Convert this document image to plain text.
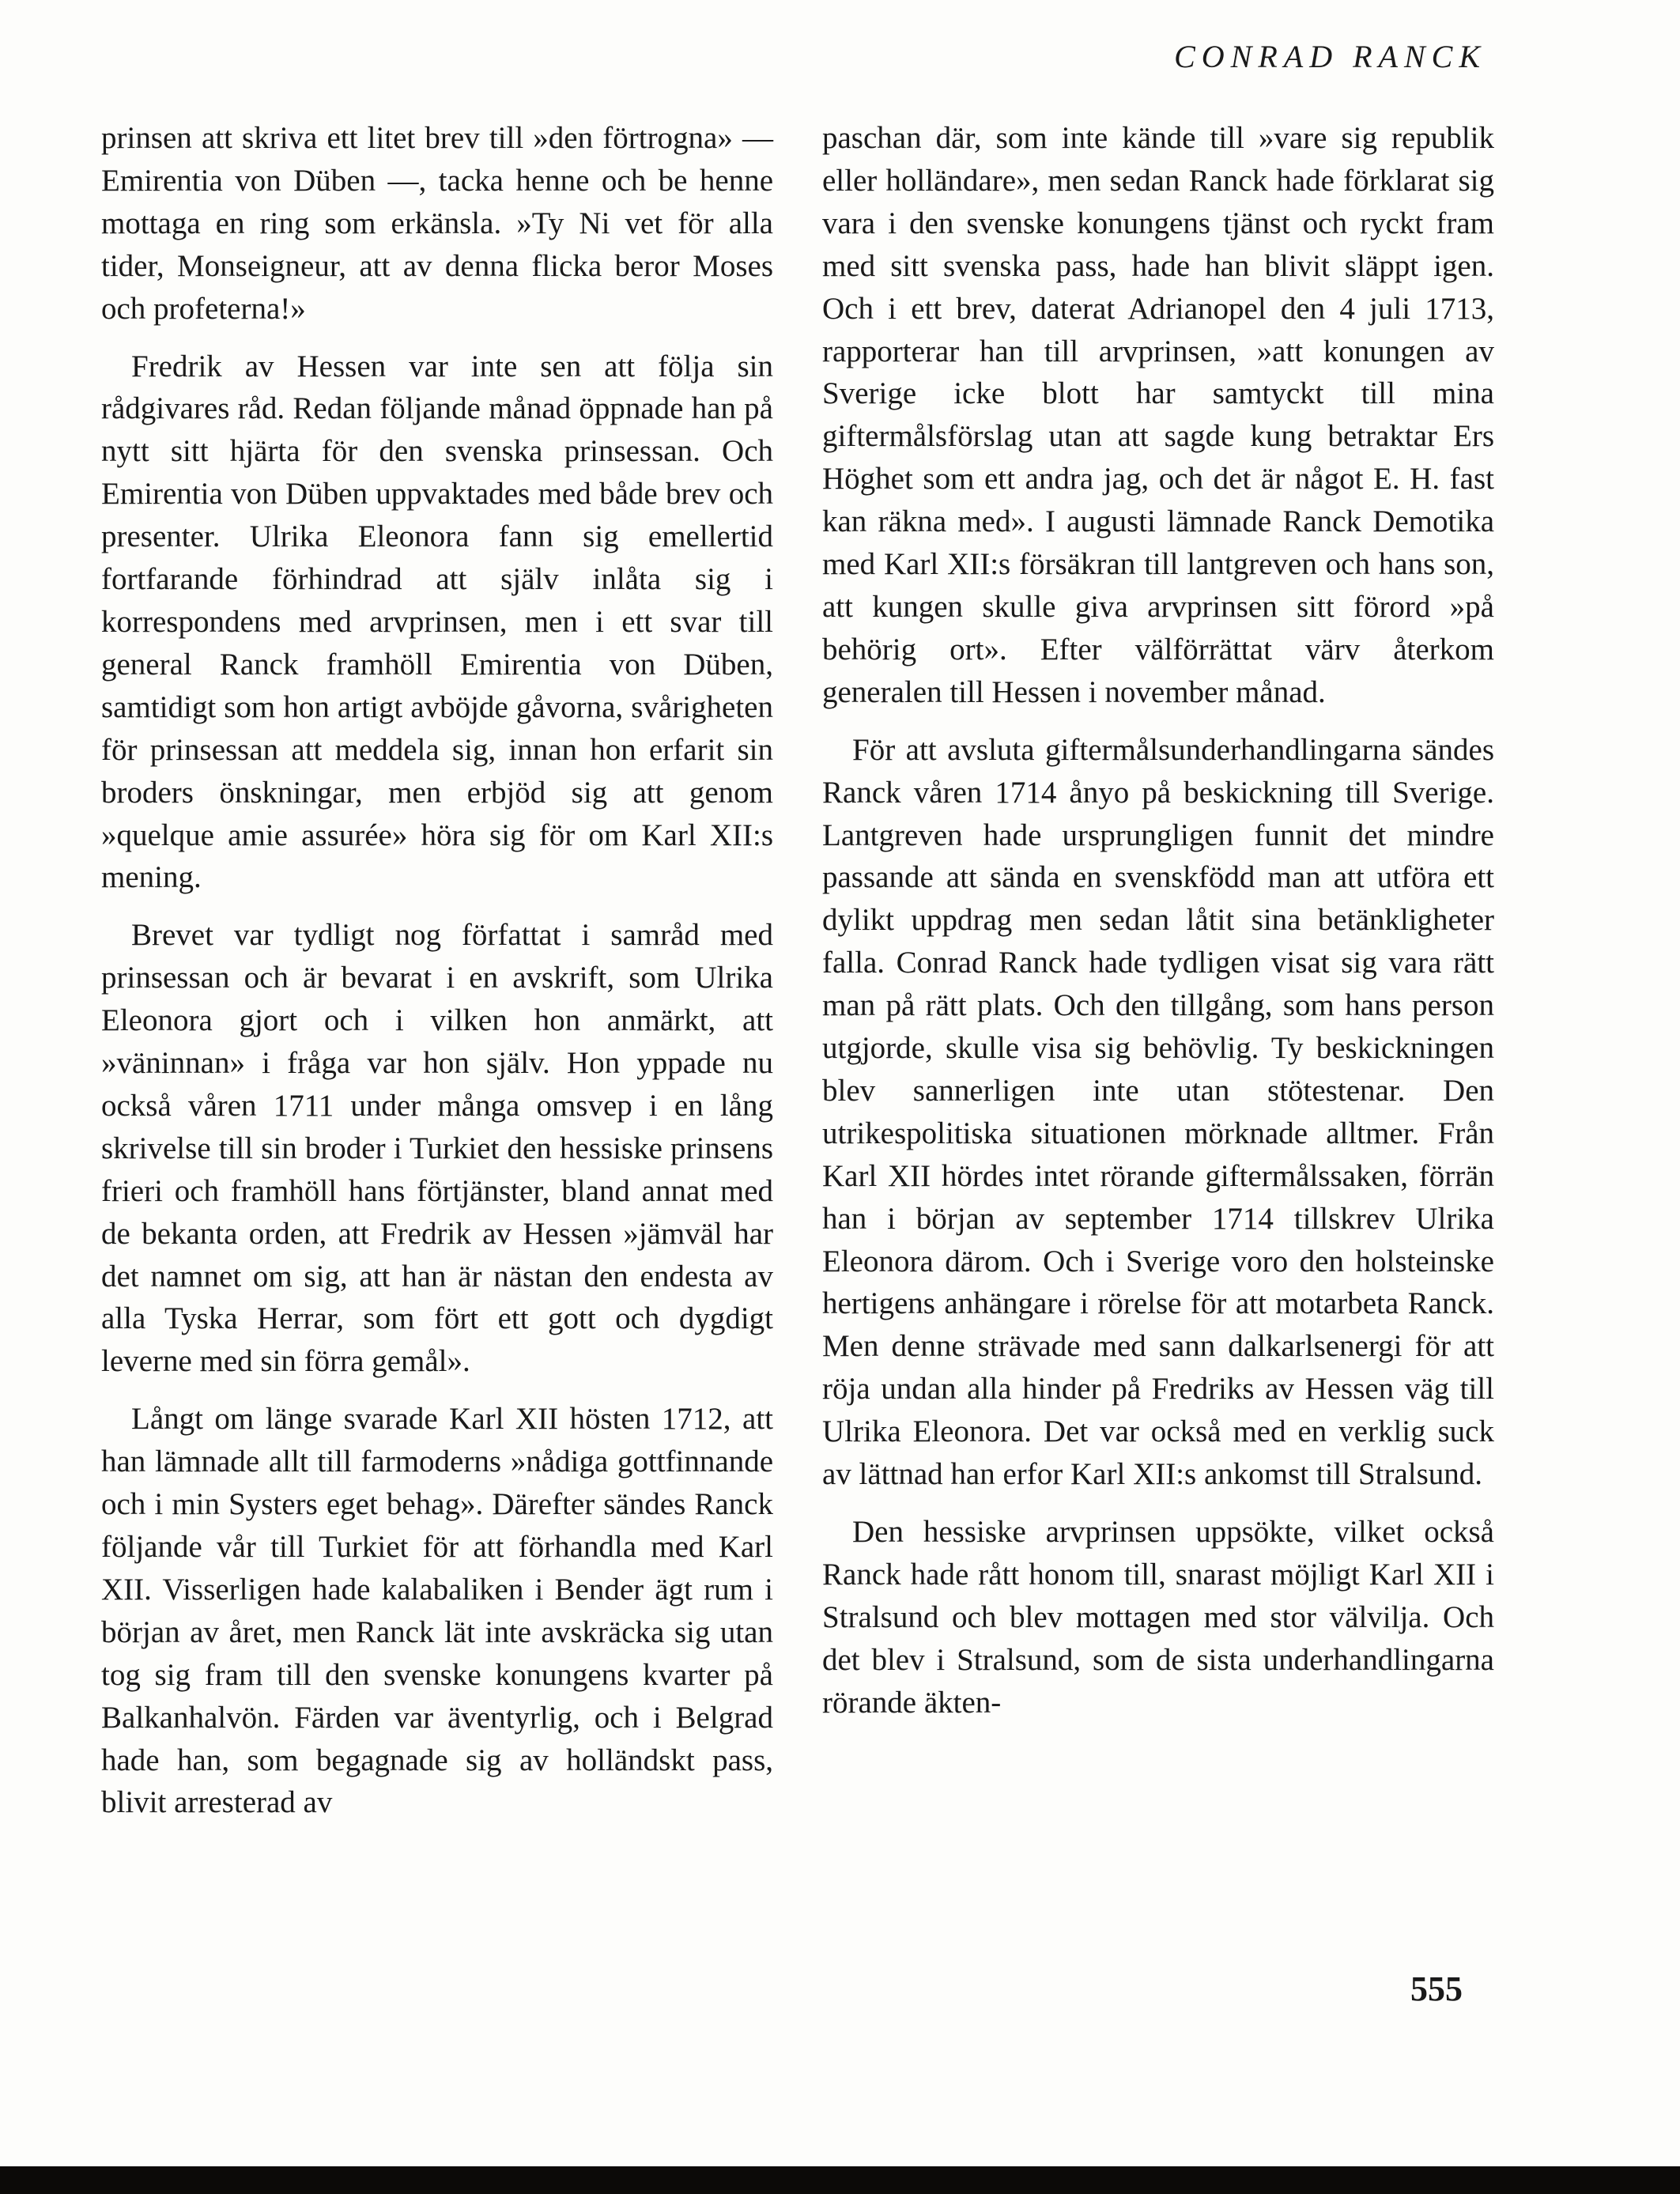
CONRAD RANCK

prinsen att skriva ett litet brev till »den förtrogna» — Emirentia von Düben —, tacka henne och be henne mottaga en ring som erkänsla. »Ty Ni vet för alla tider, Monseigneur, att av denna flicka beror Moses och profeterna!»

Fredrik av Hessen var inte sen att följa sin rådgivares råd. Redan följande månad öppnade han på nytt sitt hjärta för den svenska prinsessan. Och Emirentia von Düben uppvaktades med både brev och presenter. Ulrika Eleonora fann sig emellertid fortfarande förhindrad att själv inlåta sig i korrespondens med arvprinsen, men i ett svar till general Ranck framhöll Emirentia von Düben, samtidigt som hon artigt avböjde gåvorna, svårigheten för prinsessan att meddela sig, innan hon erfarit sin broders önskningar, men erbjöd sig att genom »quelque amie assurée» höra sig för om Karl XII:s mening.

Brevet var tydligt nog författat i samråd med prinsessan och är bevarat i en avskrift, som Ulrika Eleonora gjort och i vilken hon anmärkt, att »väninnan» i fråga var hon själv. Hon yppade nu också våren 1711 under många omsvep i en lång skrivelse till sin broder i Turkiet den hessiske prinsens frieri och framhöll hans förtjänster, bland annat med de bekanta orden, att Fredrik av Hessen »jämväl har det namnet om sig, att han är nästan den endesta av alla Tyska Herrar, som fört ett gott och dygdigt leverne med sin förra gemål».

Långt om länge svarade Karl XII hösten 1712, att han lämnade allt till farmoderns »nådiga gottfinnande och i min Systers eget behag». Därefter sändes Ranck följande vår till Turkiet för att förhandla med Karl XII. Visserligen hade kalabaliken i Bender ägt rum i början av året, men Ranck lät inte avskräcka sig utan tog sig fram till den svenske konungens kvarter på Balkanhalvön. Färden var äventyrlig, och i Belgrad hade han, som begagnade sig av holländskt pass, blivit arresterad av

paschan där, som inte kände till »vare sig republik eller holländare», men sedan Ranck hade förklarat sig vara i den svenske konungens tjänst och ryckt fram med sitt svenska pass, hade han blivit släppt igen. Och i ett brev, daterat Adrianopel den 4 juli 1713, rapporterar han till arvprinsen, »att konungen av Sverige icke blott har samtyckt till mina giftermålsförslag utan att sagde kung betraktar Ers Höghet som ett andra jag, och det är något E. H. fast kan räkna med». I augusti lämnade Ranck Demotika med Karl XII:s försäkran till lantgreven och hans son, att kungen skulle giva arvprinsen sitt förord »på behörig ort». Efter välförrättat värv återkom generalen till Hessen i november månad.

För att avsluta giftermålsunderhandlingarna sändes Ranck våren 1714 ånyo på beskickning till Sverige. Lantgreven hade ursprungligen funnit det mindre passande att sända en svenskfödd man att utföra ett dylikt uppdrag men sedan låtit sina betänkligheter falla. Conrad Ranck hade tydligen visat sig vara rätt man på rätt plats. Och den tillgång, som hans person utgjorde, skulle visa sig behövlig. Ty beskickningen blev sannerligen inte utan stötestenar. Den utrikespolitiska situationen mörknade alltmer. Från Karl XII hördes intet rörande giftermålssaken, förrän han i början av september 1714 tillskrev Ulrika Eleonora därom. Och i Sverige voro den holsteinske hertigens anhängare i rörelse för att motarbeta Ranck. Men denne strävade med sann dalkarlsenergi för att röja undan alla hinder på Fredriks av Hessen väg till Ulrika Eleonora. Det var också med en verklig suck av lättnad han erfor Karl XII:s ankomst till Stralsund.

Den hessiske arvprinsen uppsökte, vilket också Ranck hade rått honom till, snarast möjligt Karl XII i Stralsund och blev mottagen med stor välvilja. Och det blev i Stralsund, som de sista underhandlingarna rörande äkten-

555
